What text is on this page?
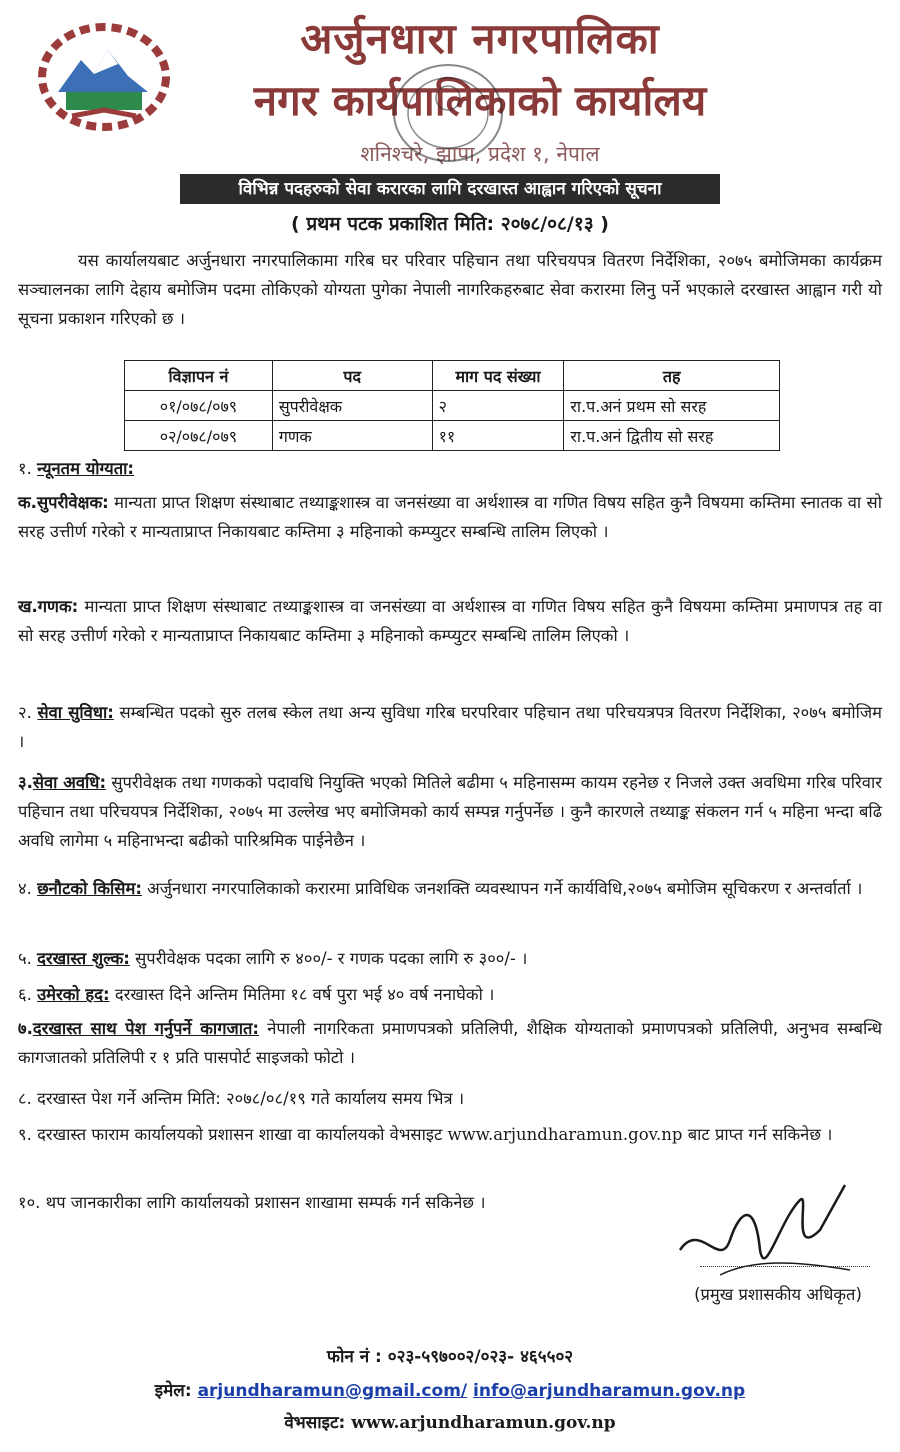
अर्जुनधारा नगरपालिका
नगर कार्यपालिकाको कार्यालय
शनिश्चरे, झापा, प्रदेश १, नेपाल
विभिन्न पदहरुको सेवा करारका लागि दरखास्त आह्वान गरिएको सूचना
( प्रथम पटक प्रकाशित मिति: २०७८/०८/१३ )

यस कार्यालयबाट अर्जुनधारा नगरपालिकामा गरिब घर परिवार पहिचान तथा परिचयपत्र वितरण निर्देशिका, २०७५ बमोजिमका कार्यक्रम सञ्चालनका लागि देहाय बमोजिम पदमा तोकिएको योग्यता पुगेका नेपाली नागरिकहरुबाट सेवा करारमा लिनु पर्ने भएकाले दरखास्त आह्वान गरी यो सूचना प्रकाशन गरिएको छ ।

विज्ञापन नं	पद	माग पद संख्या	तह
०१/०७८/०७९	सुपरीवेक्षक	२	रा.प.अनं प्रथम सो सरह
०२/०७८/०७९	गणक	११	रा.प.अनं द्वितीय सो सरह
१. न्यूनतम योग्यता:
क.सुपरीवेक्षक: मान्यता प्राप्त शिक्षण संस्थाबाट तथ्याङ्कशास्त्र वा जनसंख्या वा अर्थशास्त्र वा गणित विषय सहित कुनै विषयमा कम्तिमा स्नातक वा सो सरह उत्तीर्ण गरेको र मान्यताप्राप्त निकायबाट कम्तिमा ३ महिनाको कम्प्युटर सम्बन्धि तालिम लिएको ।
ख.गणक: मान्यता प्राप्त शिक्षण संस्थाबाट तथ्याङ्कशास्त्र वा जनसंख्या वा अर्थशास्त्र वा गणित विषय सहित कुनै विषयमा कम्तिमा प्रमाणपत्र तह वा सो सरह उत्तीर्ण गरेको र मान्यताप्राप्त निकायबाट कम्तिमा ३ महिनाको कम्प्युटर सम्बन्धि तालिम लिएको ।
२. सेवा सुविधा: सम्बन्धित पदको सुरु तलब स्केल तथा अन्य सुविधा गरिब घरपरिवार पहिचान तथा परिचयत्रपत्र वितरण निर्देशिका, २०७५ बमोजिम ।
३.सेवा अवधि: सुपरीवेक्षक तथा गणकको पदावधि नियुक्ति भएको मितिले बढीमा ५ महिनासम्म कायम रहनेछ र निजले उक्त अवधिमा गरिब परिवार पहिचान तथा परिचयपत्र निर्देशिका, २०७५ मा उल्लेख भए बमोजिमको कार्य सम्पन्न गर्नुपर्नेछ । कुनै कारणले तथ्याङ्क संकलन गर्न ५ महिना भन्दा बढि अवधि लागेमा ५ महिनाभन्दा बढीको पारिश्रमिक पाईनेछैन ।
४. छनौटको किसिम: अर्जुनधारा नगरपालिकाको करारमा प्राविधिक जनशक्ति व्यवस्थापन गर्ने कार्यविधि,२०७५ बमोजिम सूचिकरण र अन्तर्वार्ता ।
५. दरखास्त शुल्क: सुपरीवेक्षक पदका लागि रु ४००/- र गणक पदका लागि रु ३००/- ।
६. उमेरको हद: दरखास्त दिने अन्तिम मितिमा १८ वर्ष पुरा भई ४० वर्ष ननाघेको ।
७.दरखास्त साथ पेश गर्नुपर्ने कागजात: नेपाली नागरिकता प्रमाणपत्रको प्रतिलिपी, शैक्षिक योग्यताको प्रमाणपत्रको प्रतिलिपी, अनुभव सम्बन्धि कागजातको प्रतिलिपी र १ प्रति पासपोर्ट साइजको फोटो ।
८. दरखास्त पेश गर्ने अन्तिम मिति: २०७८/०८/१९ गते कार्यालय समय भित्र ।
९. दरखास्त फाराम कार्यालयको प्रशासन शाखा वा कार्यालयको वेभसाइट www.arjundharamun.gov.np बाट प्राप्त गर्न सकिनेछ ।
१०. थप जानकारीका लागि कार्यालयको प्रशासन शाखामा सम्पर्क गर्न सकिनेछ ।
(प्रमुख प्रशासकीय अधिकृत)
फोन नं : ०२३-५९७००२/०२३- ४६५५०२
इमेल: arjundharamun@gmail.com/ info@arjundharamun.gov.np
वेभसाइट: www.arjundharamun.gov.np
